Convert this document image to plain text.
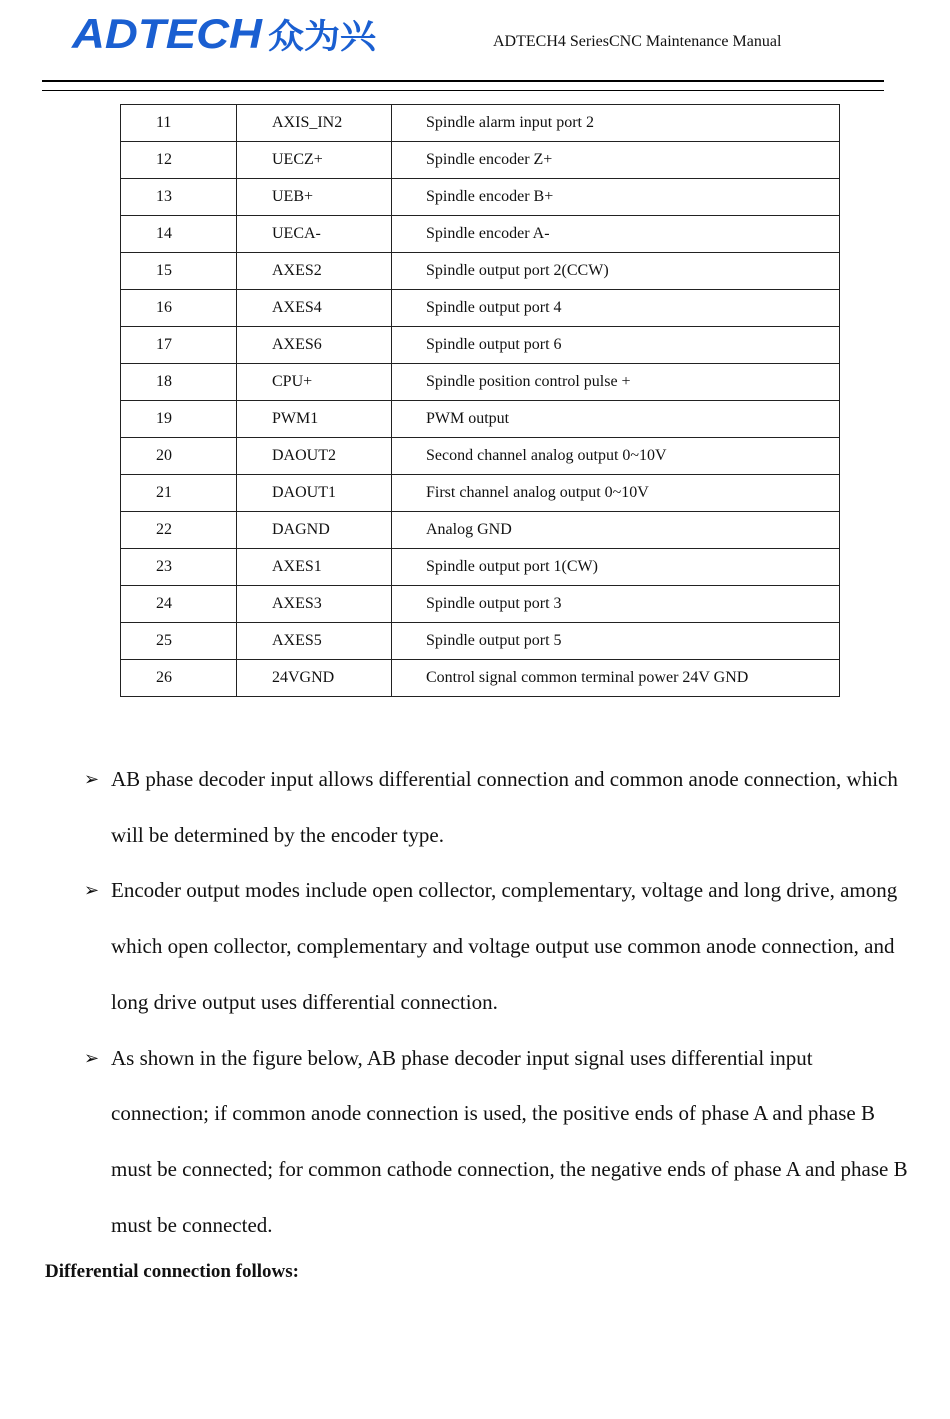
ADTECH 众为兴	ADTECH4 SeriesCNC Maintenance Manual
11	AXIS_IN2	Spindle alarm input port 2
12	UECZ+	Spindle encoder Z+
13	UEB+	Spindle encoder B+
14	UECA-	Spindle encoder A-
15	AXES2	Spindle output port 2(CCW)
16	AXES4	Spindle output port 4
17	AXES6	Spindle output port 6
18	CPU+	Spindle position control pulse +
19	PWM1	PWM output
20	DAOUT2	Second channel analog output 0~10V
21	DAOUT1	First channel analog output 0~10V
22	DAGND	Analog GND
23	AXES1	Spindle output port 1(CW)
24	AXES3	Spindle output port 3
25	AXES5	Spindle output port 5
26	24VGND	Control signal common terminal power 24V GND
➢ AB phase decoder input allows differential connection and common anode connection, which will be determined by the encoder type.
➢ Encoder output modes include open collector, complementary, voltage and long drive, among which open collector, complementary and voltage output use common anode connection, and long drive output uses differential connection.
➢ As shown in the figure below, AB phase decoder input signal uses differential input connection; if common anode connection is used, the positive ends of phase A and phase B must be connected; for common cathode connection, the negative ends of phase A and phase B must be connected.
Differential connection follows:
